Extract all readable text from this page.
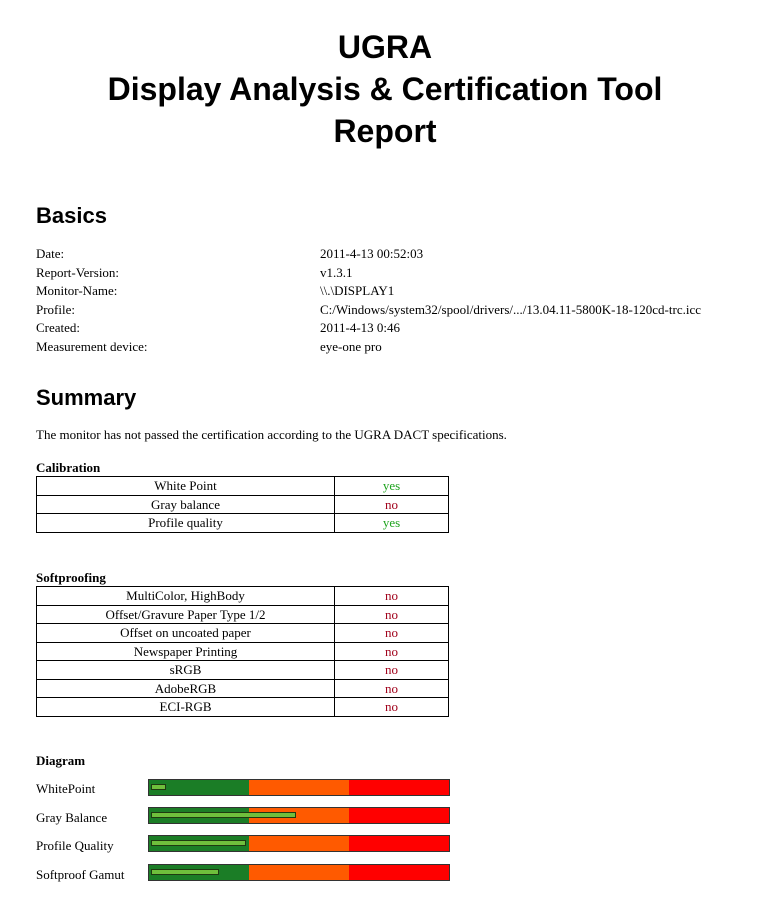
UGRA
Display Analysis & Certification Tool
Report
Basics
Date:	2011-4-13 00:52:03
Report-Version:	v1.3.1
Monitor-Name:	\\.\DISPLAY1
Profile:	C:/Windows/system32/spool/drivers/.../13.04.11-5800K-18-120cd-trc.icc
Created:	2011-4-13 0:46
Measurement device:	eye-one pro
Summary
The monitor has not passed the certification according to the UGRA DACT specifications.
Calibration
White Point	yes
Gray balance	no
Profile quality	yes
Softproofing
MultiColor, HighBody	no
Offset/Gravure Paper Type 1/2	no
Offset on uncoated paper	no
Newspaper Printing	no
sRGB	no
AdobeRGB	no
ECI-RGB	no
Diagram
WhitePoint
Gray Balance
Profile Quality
Softproof Gamut
